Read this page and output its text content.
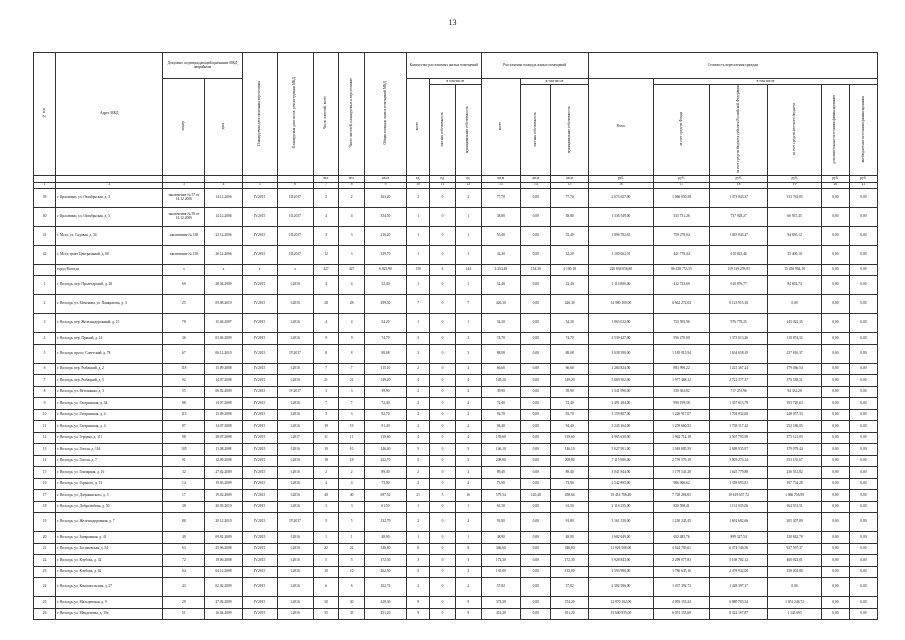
13
№ п/п	Адрес МКД	Документ, подтверждающий признание МКД аварийным		Планируемая дата окончания переселения	Планируемая дата сноса/ реконструкции МКД	Число жителей, всего	Число жителей, планируемых к переселению	Общая площадь жилых помещений МКД	Количество расселяемых жилых помещений			Расселяемая площадь жилых помещений			Стоимость переселения граждан					
		номер	дата						всего	в том числе		всего	в том числе		Всего	в том числе				
										частная собственность	муниципальная собственность		частная собственность	муниципальная собственность		за счет средств Фонда	за счет средств бюджета субъекта Российской Федерации	за счет средств местного бюджета	дополнительные источники финансирования	внебюджетные источники финансирования
						чел.	чел.	кв.м	ед.	ед.	ед.	кв.м	кв.м	кв.м	руб.	руб.	руб.	руб.	руб.	руб.
1	2	3	4	5	6	7	8	9	10	11	12	13	14	15	16	17	18	19	20	21
39	г. Красавино, ул. Октябрьская, д. 3	заключение № 57 от 14.12.2006	14.12.2006	IV.2015	III.2017	2	2	363,20	2	0	2	77,70	0,00	77,70	2 673 657,00	1 066 050,58	1 473 843,37	133 763,05	0,00	0,00
40	г. Красавино, ул. Октябрьская, д. 5	заключение № 59 от 14.12.2006	14.12.2006	IV.2015	III.2017	4	4	354,50	1	0	1	38,80	0,00	38,80	1 336 549,00	533 731,26	737 928,27	66 937,45	0,00	0,00
41	г. Мста, ул. Садовая, д. 34	заключение № 138	22.12.2006	IV.2015	III.2017	3	3	210,20	1	0	1	55,40	0,00	55,40	1 896 782,63	759 278,04	1 045 843,27	94 830,12	0,00	0,00
42	г. Мста, тракт Центральный, д. 60	заключение № 139	26.12.2006	IV.2015	III.2017	12	3	339,70	1	0	1	32,20	0,00	32,20	1 100 062,01	441 778,44	610 823,46	55 400,10	0,00	0,00
	город Вологда	х	х	х	х	427	427	6 925,90	150	6	144	4 254,48	154,30	4 100,18	220 836 056,80	86 438 753,55	119 139 259,03	15 456 904,18	0,00	0,00
1	г. Вологда, пер. Пролетарский, д. 28	69	28.04.2009	IV.2015	I.2016	4	4	52,40	1	0	1	52,40	0,00	52,40	1 114 880,00	412 723,69	610 876,77	84 602,74	0,00	0,00
2	г. Вологда, ул. Моченова, ул. Панкратова, д. 3	25	09.08.2019	IV.2015	I.2016	28	28	499,30	7	0	7	426,30	0,00	426,30	14 980 100,00	6 662 272,04	8 123 915,16	0,00	0,00	0,00
3	г. Вологда, пер. Железнодорожный, д. 15	78	15.04.2007	IV.2015	I.2016	4	4	54,20	1	0	1	54,20	0,00	54,20	1 863 022,00	733 595,96	976 778,25	145 022,35	0,00	0,00
4	г. Вологда, пер. Прямой, д. 14	36	03.04.2009	IV.2015	I.2016	9	9	74,70	3	0	3	74,70	0,00	74,70	2 539 427,00	956 270,00	1 373 013,26	110 874,34	0,00	0,00
5	г. Вологда, просп. Советский, д. 78	67	06.12.2010	IV.2015	IV.2017	8	8	88,08	3	0	3	88,08	0,00	88,08	3 038 390,00	1 185 915,94	1 634 658,19	237 816,37	0,00	0,00
6	г. Вологда, пер. Рыбацкий, д. 2	118	15.09.2008	IV.2015	I.2016	7	7	115,10	2	0	2	66,60	0,00	66,60	2 284 824,00	883 990,22	1 221 367,24	179 466,54	0,00	0,00
7	г. Вологда, пер. Рыбацкий, д. 5	92	14.07.2008	IV.2015	I.2016	21	21	149,20	4	0	4	149,20	0,00	149,20	5 069 502,00	1 977 468,12	2 721 377,37	370 538,51	0,00	0,00
8	г. Вологда, ул. Ветошкина, д. 3	55	06.02.2009	IV.2015	IV.2017	3	3	39,90	2	0	2	39,90	0,00	39,90	1 341 990,00	530 363,82	717 251,96	94 332,28	0,00	0,00
9	г. Вологда, ул. Гагаринская, д. 34	88	14.07.2008	IV.2015	I.2016	7	7	72,40	2	0	2	72,40	0,00	72,40	2 491 284,00	990 199,58	1 357 813,79	193 720,63	0,00	0,00
10	г. Вологда, ул. Гагаринская, д. 4	115	15.09.2008	IV.2015	I.2016	3	3	92,70	2	0	2	92,70	0,00	92,70	3 159 807,00	1 226 917,07	1 704 832,60	248 057,33	0,00	0,00
11	г. Вологда, ул. Гагаринская, д. 4	87	14.07.2008	IV.2015	I.2016	19	19	91,40	2	0	2	94,40	0,00	94,40	3 245 164,00	1 259 660,53	1 738 317,42	252 186,05	0,00	0,00
12	г. Вологда, ул. Герцена, д. 111	98	28.07.2008	IV.2015	I.2017	11	11	139,60	4	0	4	139,60	0,00	139,60	4 965 630,00	1 962 714,18	2 567 793,99	375 121,83	0,00	0,00
13	г. Вологда, ул. Гоголя, д. 116	105	11.08.2008	IV.2015	I.2016	10	10	146,40	5	0	5	146,10	0,00	146,10	5 027 901,00	1 949 885,59	2 698 935,97	379 079,44	0,00	0,00
14	г. Вологда, ул. Гоголя, д. 7	91	12.09.2008	IV.2015	I.2016	18	18	222,70	5	0	5	208,80	0,00	208,80	7 115 980,00	2 759 570,19	3 803 274,14	553 135,67	0,00	0,00
15	г. Вологда, ул. Гончарная, д. 16	32	27.02.2009	IV.2015	I.2016	2	2	89,40	2	0	2	89,40	0,00	89,40	3 041 844,00	1 179 541,28	1 625 779,88	236 531,82	0,00	0,00
16	г. Вологда, ул. Горького, д. 13	14	19.03.2009	IV.2015	I.2016	4	4	73,90	2	0	2	73,90	0,00	73,90	2 542 895,00	986 066,62	1 359 093,81	197 734,28	0,00	0,00
17	г. Вологда, ул. Дзержинского, д. 3	17	19.02.2009	IV.2015	I.2016	40	40	697,52	21	5	16	579,54	120,40	458,64	19 414 706,40	7 728 281,65	10 619 657,72	1 066 756,99	0,00	0,00
18	г. Вологда, ул. Добролюбова, д. 50	38	20.05.2010	IV.2015	I.2016	3	3	61,50	1	0	1	61,50	0,00	61,50	2 116 235,00	820 598,41	1 131 035,06	164 551,51	0,00	0,00
19	г. Вологда, ул. Железнодорожная, д. 7	88	20.12.2010	IV.2015	IV.2017	5	5	132,79	2	0	2	91,80	0,00	91,80	3 161 330,00	1 230 245,45	1 691 682,66	205 307,89	0,00	0,00
20	г. Вологда, ул. Заовражная, д. 41	40	09.02.2009	IV.2015	I.2016	1	1	48,90	1	0	1	48,90	0,00	48,90	1 682 649,00	652 485,76	899 327,54	130 842,70	0,00	0,00
21	г. Вологда, ул. Зосимовская, д. 54	63	25.06.2008	IV.2015	I.2016	22	22	346,60	8	0	8	346,60	0,00	346,60	11 926 506,00	4 624 705,61	6 374 146,56	927 597,37	0,00	0,00
22	г. Вологда, ул. Клубова, д. 32	72	19.06.2008	IV.2015	I.2016	5	5	172,30	3	0	3	172,30	0,00	172,30	5 928 843,00	2 299 077,83	3 168 782,12	460 923,01	0,00	0,00
23	г. Вологда, ул. Клубова, д. 62	64	04.12.2008	IV.2015	I.2016	10	10	262,50	5	0	5	135,00	0,00	135,00	4 593 980,00	1 786 645,16	2 478 932,00	358 402,80	0,00	0,00
24	г. Вологда, ул. Комсомольская, д. 27	43	02.02.2009	IV.2015	I.2016	6	6	102,74	2	0	2	57,82	0,00	57,82	2 382 586,00	1 437 392,73	1 428 397,17	0,00	0,00	0,00
25	г. Вологда, ул. Мальцевская, д. 9	29	27.02.2009	IV.2015	I.2016	30	30	428,30	9	0	9	374,20	0,00	374,20	12 870 102,00	4 993 153,24	6 880 703,34	1 051 246,72	0,00	0,00
26	г. Вологда, ул. Менделеева, д. 10а	51	16.04.2009	IV.2015	I.2016	35	35	451,20	9	0	9	451,20	0,00	451,20	15 600 935,00	6 051 153,68	8 322 167,87	1 143 695	0,00	0,00
